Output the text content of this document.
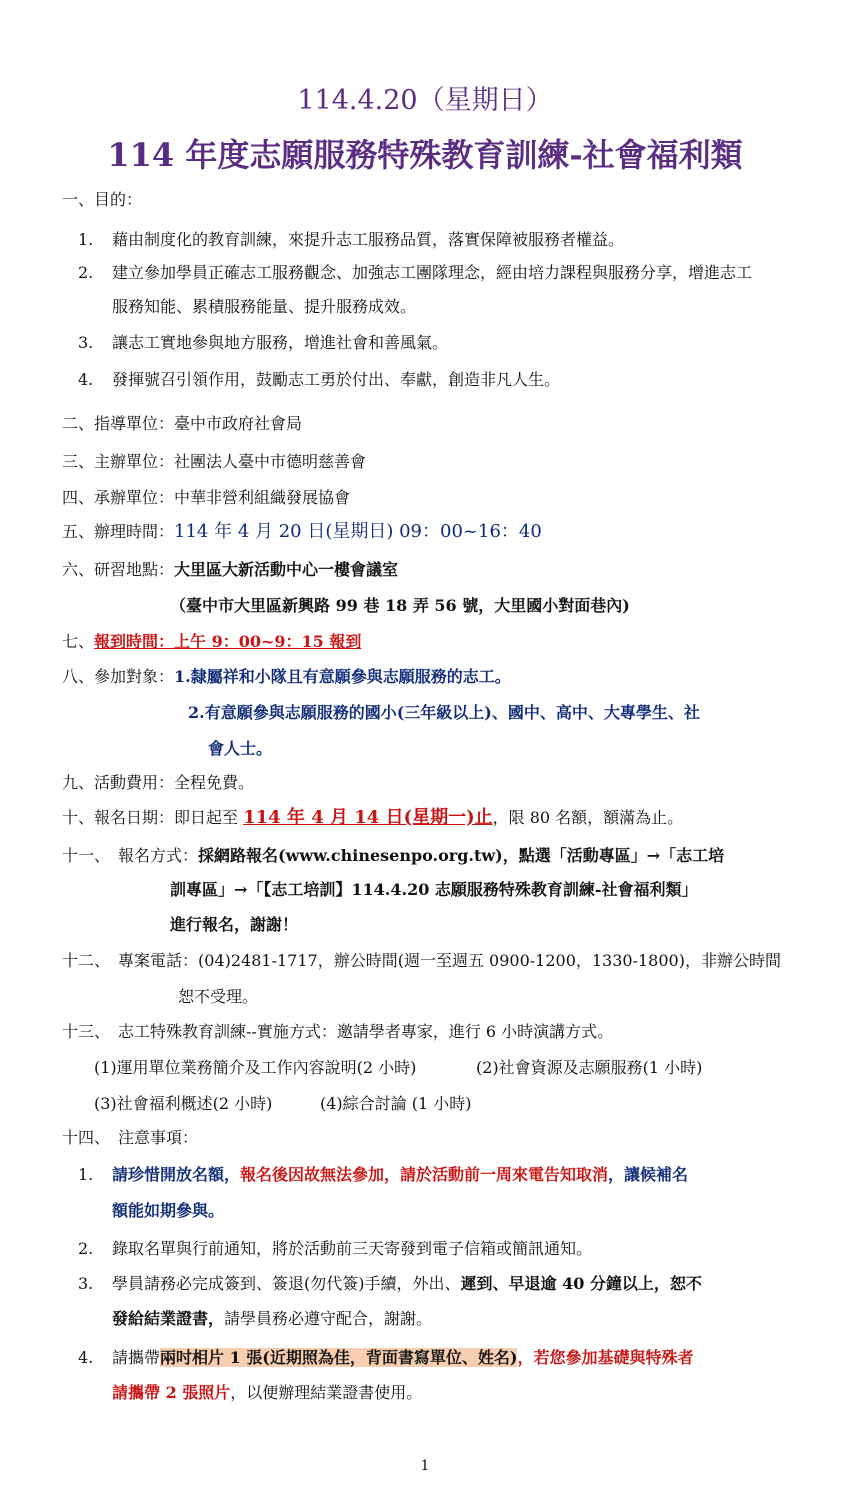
114.4.20（星期日）
114 年度志願服務特殊教育訓練-社會福利類
一、目的：
1. 藉由制度化的教育訓練，來提升志工服務品質，落實保障被服務者權益。
2. 建立參加學員正確志工服務觀念、加強志工團隊理念，經由培力課程與服務分享，增進志工
服務知能、累積服務能量、提升服務成效。
3. 讓志工實地參與地方服務，增進社會和善風氣。
4. 發揮號召引領作用，鼓勵志工勇於付出、奉獻，創造非凡人生。
二、指導單位：臺中市政府社會局
三、主辦單位：社團法人臺中市德明慈善會
四、承辦單位：中華非營利組織發展協會
五、辦理時間：114 年 4 月 20 日(星期日) 09：00~16：40
六、研習地點：大里區大新活動中心一樓會議室
（臺中市大里區新興路 99 巷 18 弄 56 號，大里國小對面巷內)
七、報到時間：上午 9：00~9：15 報到
八、參加對象：1.隸屬祥和小隊且有意願參與志願服務的志工。
2.有意願參與志願服務的國小(三年級以上)、國中、高中、大專學生、社
會人士。
九、活動費用：全程免費。
十、報名日期：即日起至 114 年 4 月 14 日(星期一)止，限 80 名額，額滿為止。
十一、　報名方式：採網路報名(www.chinesenpo.org.tw)，點選「活動專區」→「志工培
訓專區」→「【志工培訓】114.4.20 志願服務特殊教育訓練-社會福利類」
進行報名，謝謝！
十二、　專案電話：(04)2481-1717，辦公時間(週一至週五 0900-1200，1330-1800)，非辦公時間
恕不受理。
十三、　志工特殊教育訓練--實施方式：邀請學者專家，進行 6 小時演講方式。
(1)運用單位業務簡介及工作內容說明(2 小時)	(2)社會資源及志願服務(1 小時)
(3)社會福利概述(2 小時)	(4)綜合討論 (1 小時)
十四、　注意事項：
1. 請珍惜開放名額，報名後因故無法參加，請於活動前一周來電告知取消，讓候補名
額能如期參與。
2. 錄取名單與行前通知，將於活動前三天寄發到電子信箱或簡訊通知。
3. 學員請務必完成簽到、簽退(勿代簽)手續，外出、遲到、早退逾 40 分鐘以上，恕不
發給結業證書，請學員務必遵守配合，謝謝。
4. 請攜帶兩吋相片 1 張(近期照為佳，背面書寫單位、姓名)，若您參加基礎與特殊者
請攜帶 2 張照片，以便辦理結業證書使用。
1
